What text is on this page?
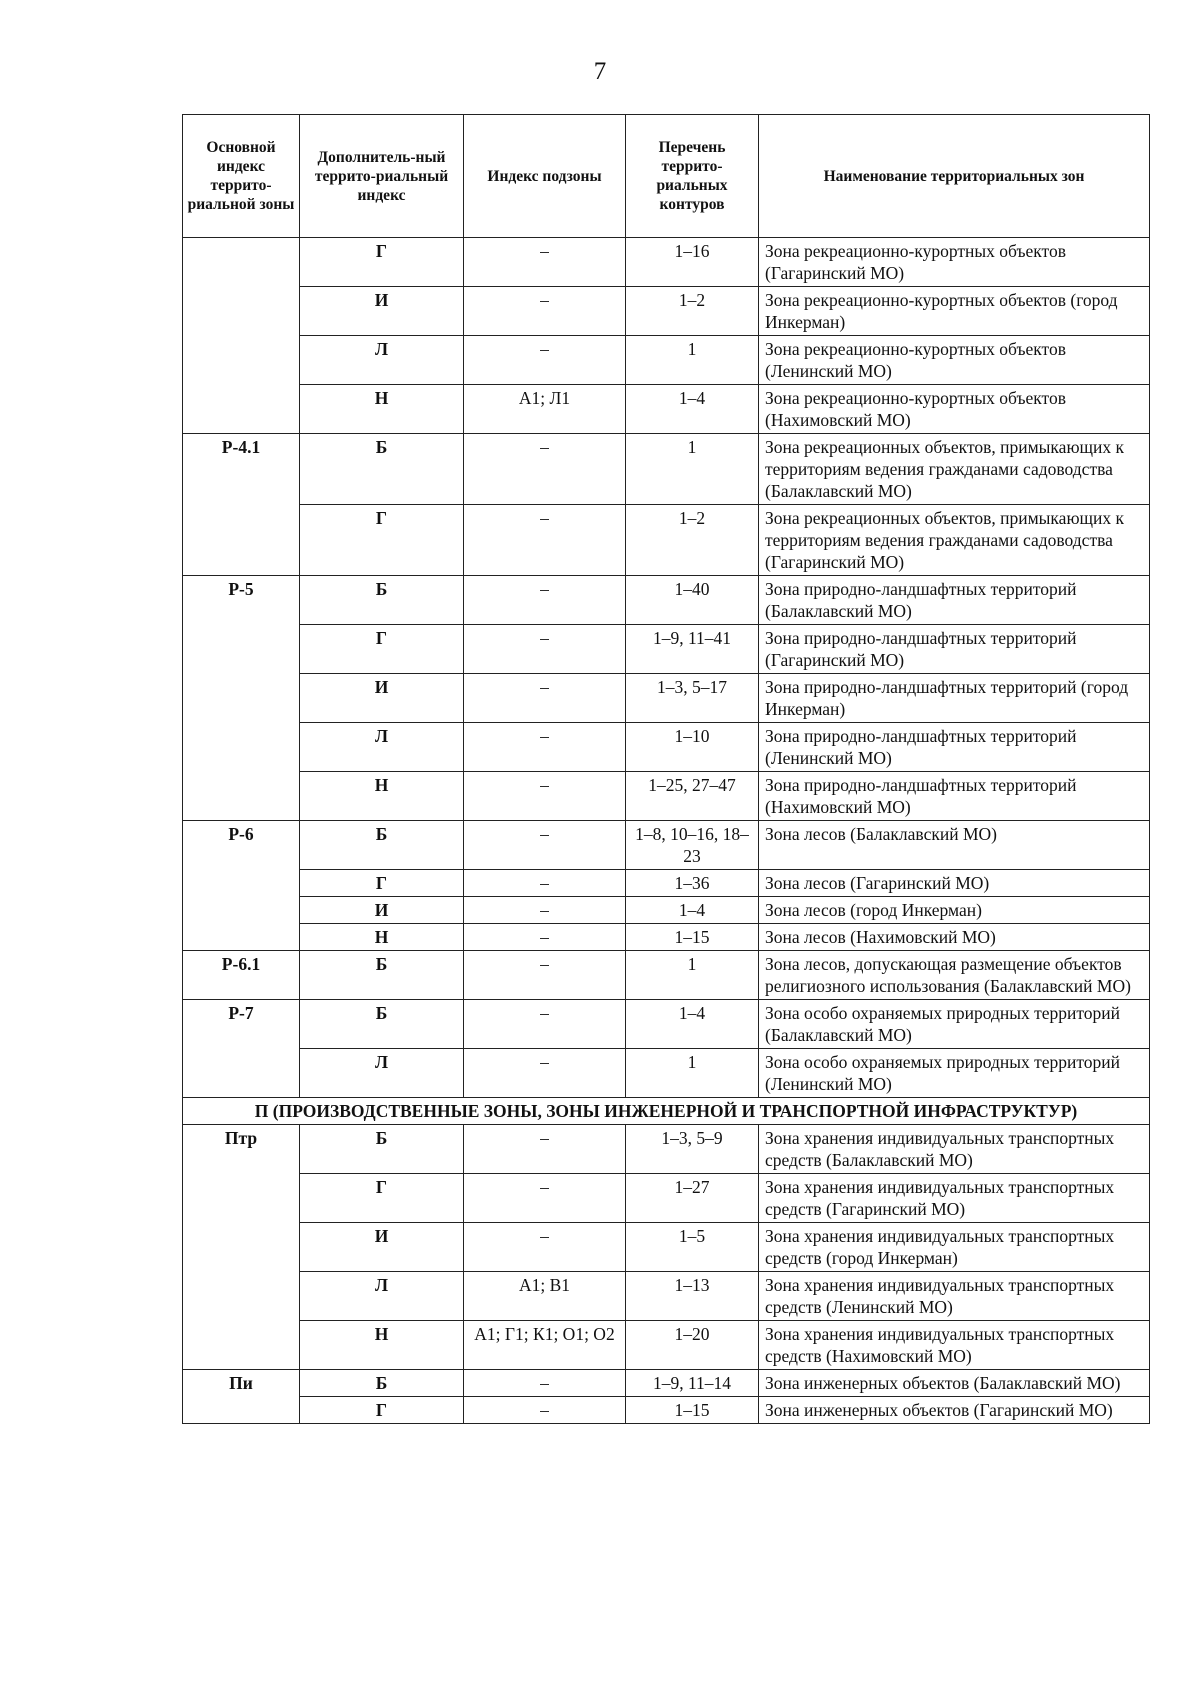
7
Основной индекс террито-риальной зоны	Дополнитель-ный террито-риальный индекс	Индекс подзоны	Перечень террито-риальных контуров	Наименование территориальных зон
	Г	–	1–16	Зона рекреационно-курортных объектов (Гагаринский МО)
	И	–	1–2	Зона рекреационно-курортных объектов (город Инкерман)
	Л	–	1	Зона рекреационно-курортных объектов (Ленинский МО)
	Н	А1; Л1	1–4	Зона рекреационно-курортных объектов (Нахимовский МО)
Р-4.1	Б	–	1	Зона рекреационных объектов, примыкающих к территориям ведения гражданами садоводства (Балаклавский МО)
	Г	–	1–2	Зона рекреационных объектов, примыкающих к территориям ведения гражданами садоводства (Гагаринский МО)
Р-5	Б	–	1–40	Зона природно-ландшафтных территорий (Балаклавский МО)
	Г	–	1–9, 11–41	Зона природно-ландшафтных территорий (Гагаринский МО)
	И	–	1–3, 5–17	Зона природно-ландшафтных территорий (город Инкерман)
	Л	–	1–10	Зона природно-ландшафтных территорий (Ленинский МО)
	Н	–	1–25, 27–47	Зона природно-ландшафтных территорий (Нахимовский МО)
Р-6	Б	–	1–8, 10–16, 18–23	Зона лесов (Балаклавский МО)
	Г	–	1–36	Зона лесов (Гагаринский МО)
	И	–	1–4	Зона лесов (город Инкерман)
	Н	–	1–15	Зона лесов (Нахимовский МО)
Р-6.1	Б	–	1	Зона лесов, допускающая размещение объектов религиозного использования (Балаклавский МО)
Р-7	Б	–	1–4	Зона особо охраняемых природных территорий (Балаклавский МО)
	Л	–	1	Зона особо охраняемых природных территорий (Ленинский МО)
П (ПРОИЗВОДСТВЕННЫЕ ЗОНЫ, ЗОНЫ ИНЖЕНЕРНОЙ И ТРАНСПОРТНОЙ ИНФРАСТРУКТУР)				
Птр	Б	–	1–3, 5–9	Зона хранения индивидуальных транспортных средств (Балаклавский МО)
	Г	–	1–27	Зона хранения индивидуальных транспортных средств (Гагаринский МО)
	И	–	1–5	Зона хранения индивидуальных транспортных средств (город Инкерман)
	Л	А1; В1	1–13	Зона хранения индивидуальных транспортных средств (Ленинский МО)
	Н	А1; Г1; К1; О1; О2	1–20	Зона хранения индивидуальных транспортных средств (Нахимовский МО)
Пи	Б	–	1–9, 11–14	Зона инженерных объектов (Балаклавский МО)
	Г	–	1–15	Зона инженерных объектов (Гагаринский МО)
